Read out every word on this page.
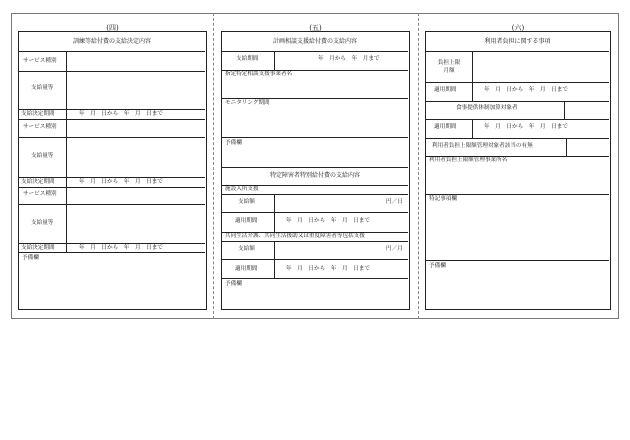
(四)
訓練等給付費の支給決定内容
サービス種別
支給量等
支給決定期間	年　月　日から　年　月　日まで
サービス種別
支給量等
支給決定期間	年　月　日から　年　月　日まで
サービス種別
支給量等
支給決定期間	年　月　日から　年　月　日まで
予備欄
(五)
計画相談支援給付費の支給内容
支給期間	年　月から　年　月まで
指定特定相談支援事業者名
モニタリング期間
予備欄
特定障害者特別給付費の支給内容
施設入所支援
支給額	円／日
適用期間	年　月　日から　年　月　日まで
共同生活介護、共同生活援助又は重度障害者等包括支援
支給額	円／月
適用期間	年　月　日から　年　月　日まで
予備欄
(六)
利用者負担に関する事項
負担上限
月額
適用期間	年　月　日から　年　月　日まで
食事提供体制加算対象者
適用期間	年　月　日から　年　月　日まで
利用者負担上限額管理対象者該当の有無
利用者負担上限額管理事業所名
特記事項欄
予備欄
